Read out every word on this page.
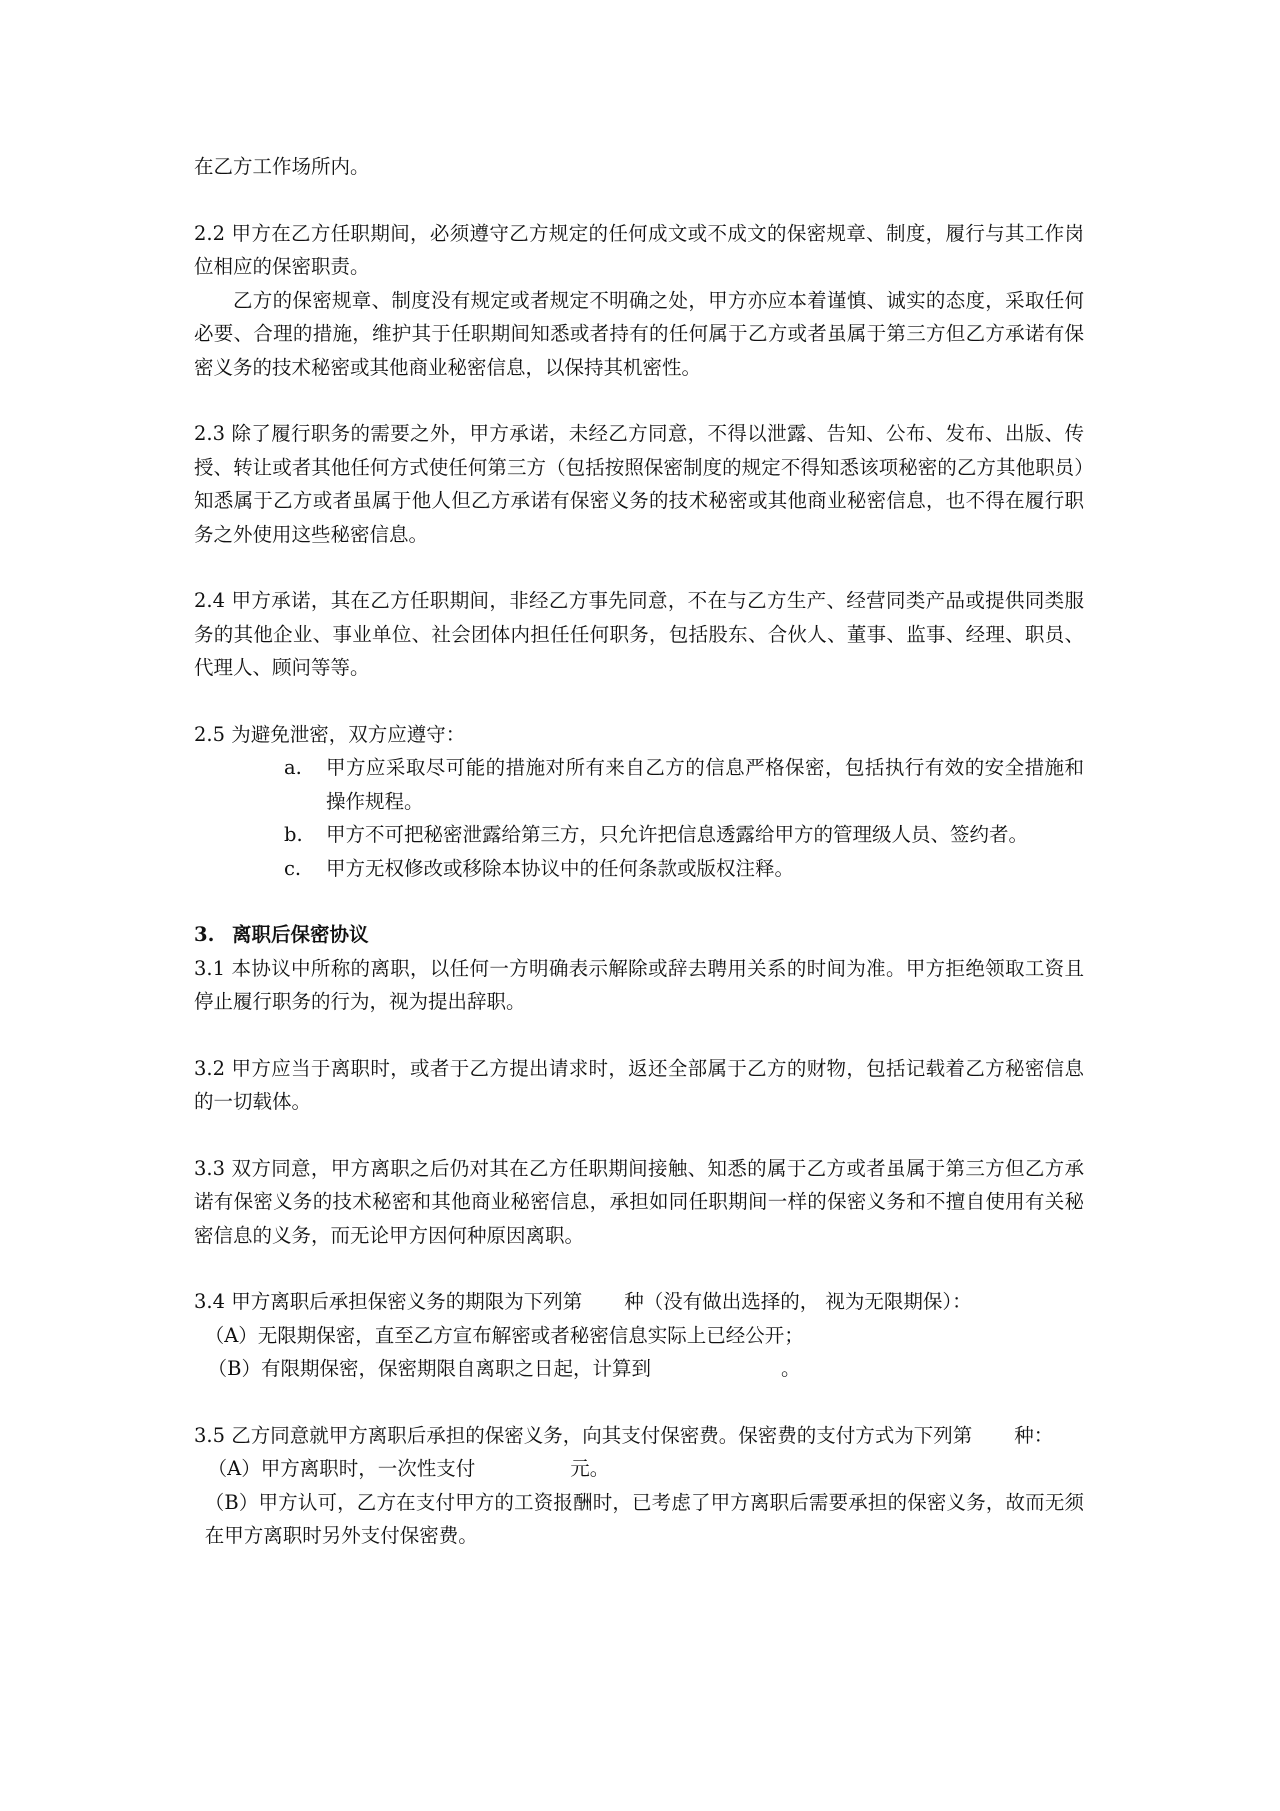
在乙方工作场所内。

2.2 甲方在乙方任职期间，必须遵守乙方规定的任何成文或不成文的保密规章、制度，履行与其工作岗位相应的保密职责。

乙方的保密规章、制度没有规定或者规定不明确之处，甲方亦应本着谨慎、诚实的态度，采取任何必要、合理的措施，维护其于任职期间知悉或者持有的任何属于乙方或者虽属于第三方但乙方承诺有保密义务的技术秘密或其他商业秘密信息，以保持其机密性。

2.3 除了履行职务的需要之外，甲方承诺，未经乙方同意，不得以泄露、告知、公布、发布、出版、传授、转让或者其他任何方式使任何第三方（包括按照保密制度的规定不得知悉该项秘密的乙方其他职员）知悉属于乙方或者虽属于他人但乙方承诺有保密义务的技术秘密或其他商业秘密信息，也不得在履行职务之外使用这些秘密信息。

2.4 甲方承诺，其在乙方任职期间，非经乙方事先同意，不在与乙方生产、经营同类产品或提供同类服务的其他企业、事业单位、社会团体内担任任何职务，包括股东、合伙人、董事、监事、经理、职员、代理人、顾问等等。

2.5 为避免泄密，双方应遵守：

a. 甲方应采取尽可能的措施对所有来自乙方的信息严格保密，包括执行有效的安全措施和操作规程。
b. 甲方不可把秘密泄露给第三方，只允许把信息透露给甲方的管理级人员、签约者。
c. 甲方无权修改或移除本协议中的任何条款或版权注释。

3. 离职后保密协议

3.1 本协议中所称的离职，以任何一方明确表示解除或辞去聘用关系的时间为准。甲方拒绝领取工资且停止履行职务的行为，视为提出辞职。

3.2 甲方应当于离职时，或者于乙方提出请求时，返还全部属于乙方的财物，包括记载着乙方秘密信息的一切载体。

3.3 双方同意，甲方离职之后仍对其在乙方任职期间接触、知悉的属于乙方或者虽属于第三方但乙方承诺有保密义务的技术秘密和其他商业秘密信息，承担如同任职期间一样的保密义务和不擅自使用有关秘密信息的义务，而无论甲方因何种原因离职。

3.4 甲方离职后承担保密义务的期限为下列第 种（没有做出选择的， 视为无限期保）：

（A）无限期保密，直至乙方宣布解密或者秘密信息实际上已经公开；

（B）有限期保密，保密期限自离职之日起，计算到	。

3.5 乙方同意就甲方离职后承担的保密义务，向其支付保密费。保密费的支付方式为下列第 种：

（A）甲方离职时，一次性支付	元。

（B）甲方认可，乙方在支付甲方的工资报酬时，已考虑了甲方离职后需要承担的保密义务，故而无须在甲方离职时另外支付保密费。
